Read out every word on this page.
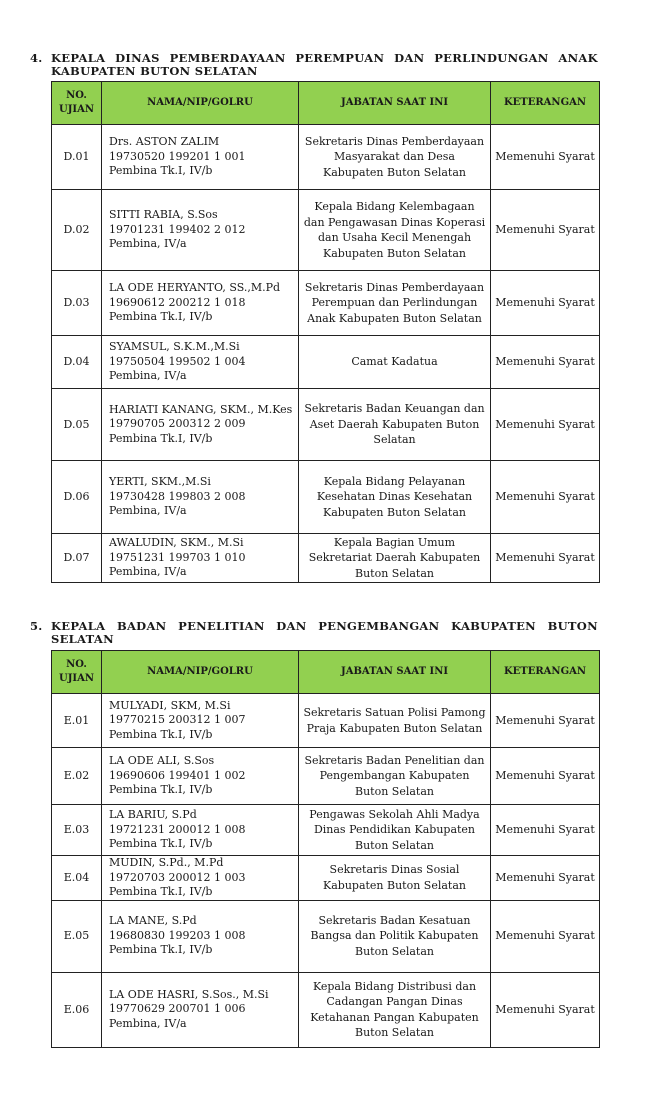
4. KEPALA DINAS PEMBERDAYAAN PEREMPUAN DAN PERLINDUNGAN ANAK
KABUPATEN BUTON SELATAN
NO. UJIAN	NAMA/NIP/GOLRU	JABATAN SAAT INI	KETERANGAN
D.01	Drs. ASTON ZALIM
19730520 199201 1 001
Pembina Tk.I, IV/b	Sekretaris Dinas Pemberdayaan Masyarakat dan Desa Kabupaten Buton Selatan	Memenuhi Syarat
D.02	SITTI RABIA, S.Sos
19701231 199402 2 012
Pembina, IV/a	Kepala Bidang Kelembagaan dan Pengawasan Dinas Koperasi dan Usaha Kecil Menengah Kabupaten Buton Selatan	Memenuhi Syarat
D.03	LA ODE HERYANTO, SS.,M.Pd
19690612 200212 1 018
Pembina Tk.I, IV/b	Sekretaris Dinas Pemberdayaan Perempuan dan Perlindungan Anak Kabupaten Buton Selatan	Memenuhi Syarat
D.04	SYAMSUL, S.K.M.,M.Si
19750504 199502 1 004
Pembina, IV/a	Camat Kadatua	Memenuhi Syarat
D.05	HARIATI KANANG, SKM., M.Kes
19790705 200312 2 009
Pembina Tk.I, IV/b	Sekretaris Badan Keuangan dan Aset Daerah Kabupaten Buton Selatan	Memenuhi Syarat
D.06	YERTI, SKM.,M.Si
19730428 199803 2 008
Pembina, IV/a	Kepala Bidang Pelayanan Kesehatan Dinas Kesehatan Kabupaten Buton Selatan	Memenuhi Syarat
D.07	AWALUDIN, SKM., M.Si
19751231 199703 1 010
Pembina, IV/a	Kepala Bagian Umum Sekretariat Daerah Kabupaten Buton Selatan	Memenuhi Syarat
5. KEPALA BADAN PENELITIAN DAN PENGEMBANGAN KABUPATEN BUTON
SELATAN
NO. UJIAN	NAMA/NIP/GOLRU	JABATAN SAAT INI	KETERANGAN
E.01	MULYADI, SKM, M.Si
19770215 200312 1 007
Pembina Tk.I, IV/b	Sekretaris Satuan Polisi Pamong Praja Kabupaten Buton Selatan	Memenuhi Syarat
E.02	LA ODE ALI, S.Sos
19690606 199401 1 002
Pembina Tk.I, IV/b	Sekretaris Badan Penelitian dan Pengembangan Kabupaten Buton Selatan	Memenuhi Syarat
E.03	LA BARIU, S.Pd
19721231 200012 1 008
Pembina Tk.I, IV/b	Pengawas Sekolah Ahli Madya Dinas Pendidikan Kabupaten Buton Selatan	Memenuhi Syarat
E.04	MUDIN, S.Pd., M.Pd
19720703 200012 1 003
Pembina Tk.I, IV/b	Sekretaris Dinas Sosial Kabupaten Buton Selatan	Memenuhi Syarat
E.05	LA MANE, S.Pd
19680830 199203 1 008
Pembina Tk.I, IV/b	Sekretaris Badan Kesatuan Bangsa dan Politik Kabupaten Buton Selatan	Memenuhi Syarat
E.06	LA ODE HASRI, S.Sos., M.Si
19770629 200701 1 006
Pembina, IV/a	Kepala Bidang Distribusi dan Cadangan Pangan Dinas Ketahanan Pangan Kabupaten Buton Selatan	Memenuhi Syarat
